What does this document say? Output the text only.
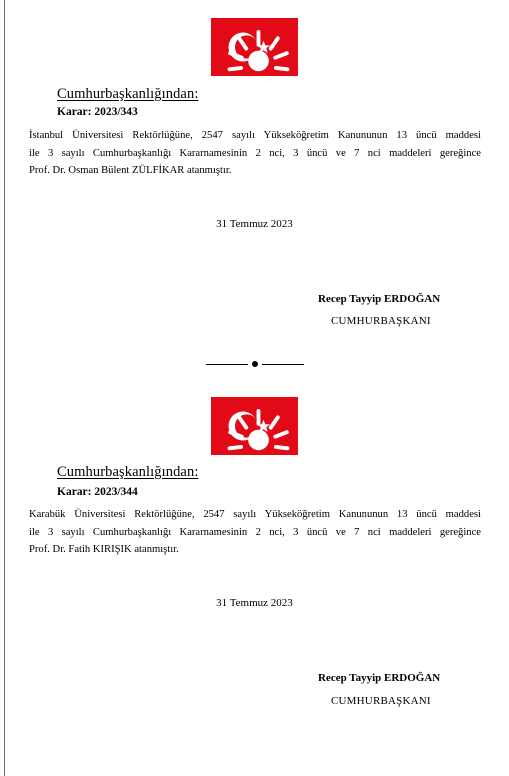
Cumhurbaşkanlığından:
Karar: 2023/343
İstanbul Üniversitesi Rektörlüğüne, 2547 sayılı Yükseköğretim Kanununun 13 üncü maddesi
ile 3 sayılı Cumhurbaşkanlığı Kararnamesinin 2 nci, 3 üncü ve 7 nci maddeleri gereğince
Prof. Dr. Osman Bülent ZÜLFİKAR atanmıştır.
31 Temmuz 2023
Recep Tayyip ERDOĞAN
CUMHURBAŞKANI
Cumhurbaşkanlığından:
Karar: 2023/344
Karabük Üniversitesi Rektörlüğüne, 2547 sayılı Yükseköğretim Kanununun 13 üncü maddesi
ile 3 sayılı Cumhurbaşkanlığı Kararnamesinin 2 nci, 3 üncü ve 7 nci maddeleri gereğince
Prof. Dr. Fatih KIRIŞIK atanmıştır.
31 Temmuz 2023
Recep Tayyip ERDOĞAN
CUMHURBAŞKANI
